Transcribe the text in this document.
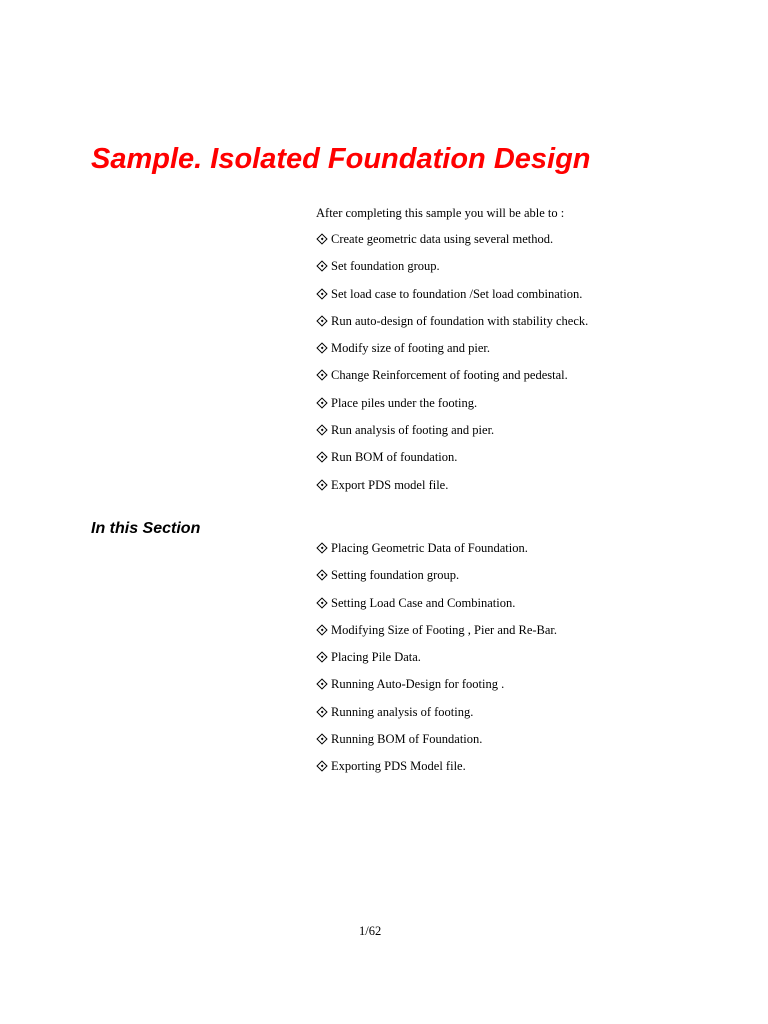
Sample. Isolated Foundation Design

After completing this sample you will be able to :

Create geometric data using several method.
Set foundation group.
Set load case to foundation /Set load combination.
Run auto-design of foundation with stability check.
Modify size of footing and pier.
Change Reinforcement of footing and pedestal.
Place piles under the footing.
Run analysis of footing and pier.
Run BOM of foundation.
Export PDS model file.
In this Section
Placing Geometric Data of Foundation.
Setting foundation group.
Setting Load Case and Combination.
Modifying Size of Footing , Pier and Re-Bar.
Placing Pile Data.
Running Auto-Design for footing .
Running analysis of footing.
Running BOM of Foundation.
Exporting PDS Model file.

1/62
